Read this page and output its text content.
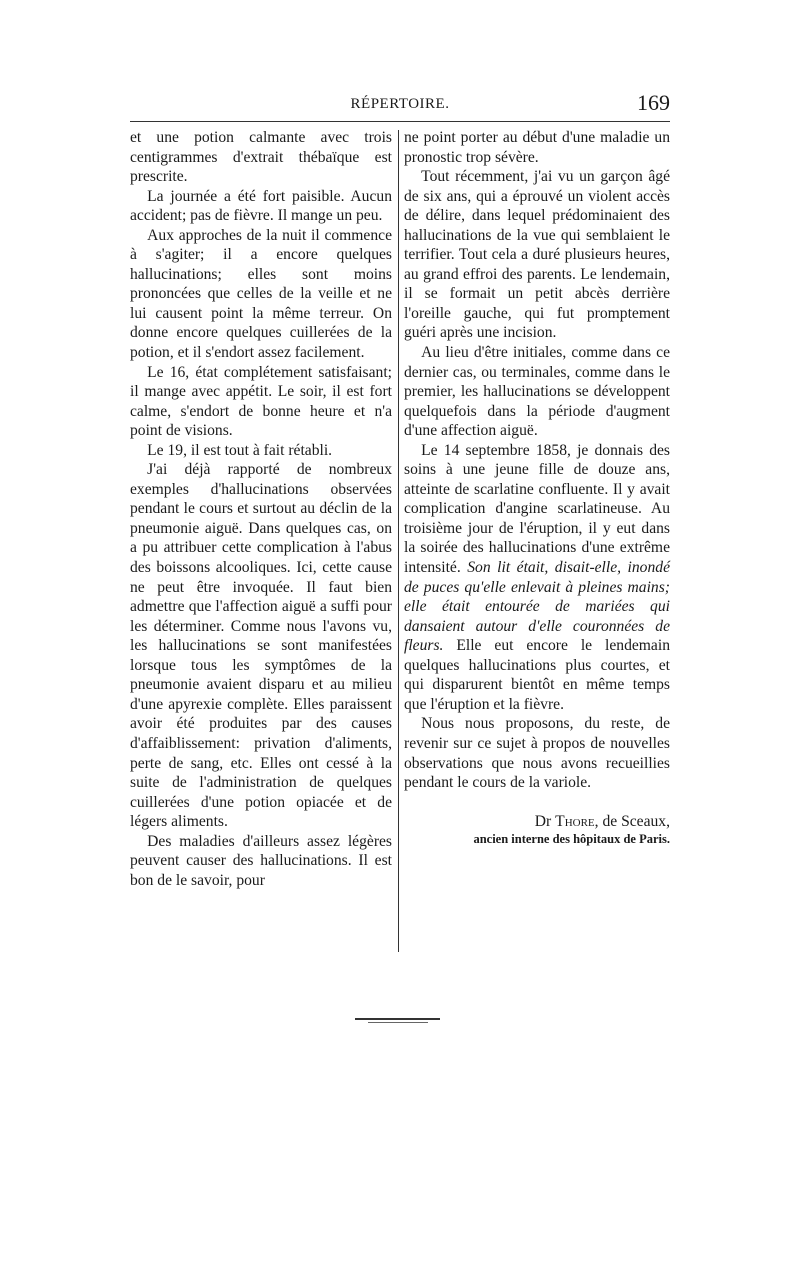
RÉPERTOIRE.	169

et une potion calmante avec trois centigrammes d'extrait thébaïque est prescrite.

La journée a été fort paisible. Aucun accident; pas de fièvre. Il mange un peu.

Aux approches de la nuit il commence à s'agiter; il a encore quelques hallucinations; elles sont moins prononcées que celles de la veille et ne lui causent point la même terreur. On donne encore quelques cuillerées de la potion, et il s'endort assez facilement.

Le 16, état complétement satisfaisant; il mange avec appétit. Le soir, il est fort calme, s'endort de bonne heure et n'a point de visions.

Le 19, il est tout à fait rétabli.

J'ai déjà rapporté de nombreux exemples d'hallucinations observées pendant le cours et surtout au déclin de la pneumonie aiguë. Dans quelques cas, on a pu attribuer cette complication à l'abus des boissons alcooliques. Ici, cette cause ne peut être invoquée. Il faut bien admettre que l'affection aiguë a suffi pour les déterminer. Comme nous l'avons vu, les hallucinations se sont manifestées lorsque tous les symptômes de la pneumonie avaient disparu et au milieu d'une apyrexie complète. Elles paraissent avoir été produites par des causes d'affaiblissement: privation d'aliments, perte de sang, etc. Elles ont cessé à la suite de l'administration de quelques cuillerées d'une potion opiacée et de légers aliments.

Des maladies d'ailleurs assez légères peuvent causer des hallucinations. Il est bon de le savoir, pour

ne point porter au début d'une maladie un pronostic trop sévère.

Tout récemment, j'ai vu un garçon âgé de six ans, qui a éprouvé un violent accès de délire, dans lequel prédominaient des hallucinations de la vue qui semblaient le terrifier. Tout cela a duré plusieurs heures, au grand effroi des parents. Le lendemain, il se formait un petit abcès derrière l'oreille gauche, qui fut promptement guéri après une incision.

Au lieu d'être initiales, comme dans ce dernier cas, ou terminales, comme dans le premier, les hallucinations se développent quelquefois dans la période d'augment d'une affection aiguë.

Le 14 septembre 1858, je donnais des soins à une jeune fille de douze ans, atteinte de scarlatine confluente. Il y avait complication d'angine scarlatineuse. Au troisième jour de l'éruption, il y eut dans la soirée des hallucinations d'une extrême intensité. Son lit était, disait-elle, inondé de puces qu'elle enlevait à pleines mains; elle était entourée de mariées qui dansaient autour d'elle couronnées de fleurs. Elle eut encore le lendemain quelques hallucinations plus courtes, et qui disparurent bientôt en même temps que l'éruption et la fièvre.

Nous nous proposons, du reste, de revenir sur ce sujet à propos de nouvelles observations que nous avons recueillies pendant le cours de la variole.

Dr Thore, de Sceaux,
ancien interne des hôpitaux de Paris.
